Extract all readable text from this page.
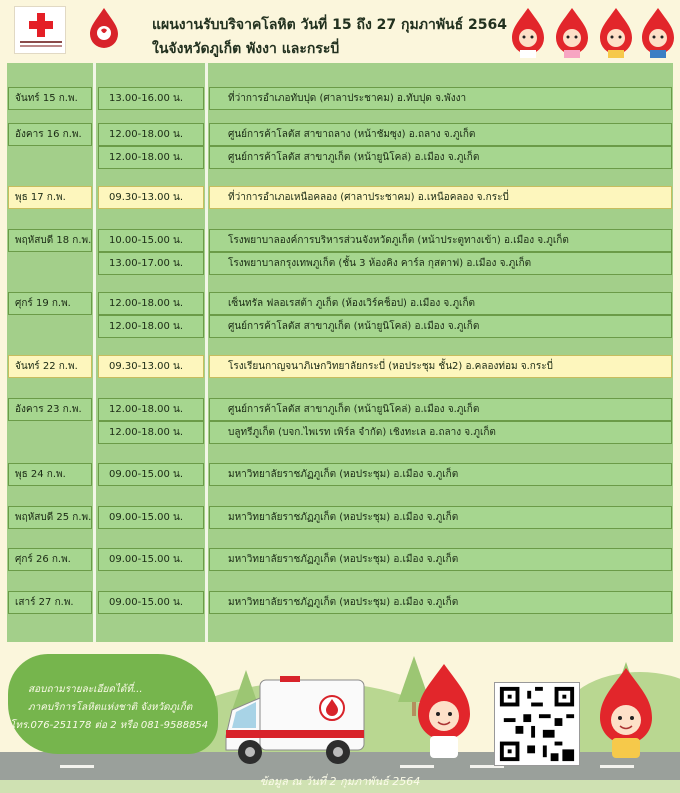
แผนงานรับบริจาคโลหิต วันที่ 15 ถึง 27 กุมภาพันธ์ 2564
ในจังหวัดภูเก็ต พังงา และกระบี่
จันทร์ 15 ก.พ.	13.00-16.00 น.	ที่ว่าการอำเภอทับปุด (ศาลาประชาคม) อ.ทับปุด จ.พังงา
อังคาร 16 ก.พ.	12.00-18.00 น.	ศูนย์การค้าโลตัส สาขาถลาง (หน้าชัมซุง) อ.ถลาง จ.ภูเก็ต
12.00-18.00 น.	ศูนย์การค้าโลตัส สาขาภูเก็ต (หน้ายูนิโคล่) อ.เมือง จ.ภูเก็ต
พุธ 17 ก.พ.	09.30-13.00 น.	ที่ว่าการอำเภอเหนือคลอง (ศาลาประชาคม) อ.เหนือคลอง จ.กระบี่
พฤหัสบดี 18 ก.พ.	10.00-15.00 น.	โรงพยาบาลองค์การบริหารส่วนจังหวัดภูเก็ต (หน้าประตูทางเข้า) อ.เมือง จ.ภูเก็ต
13.00-17.00 น.	โรงพยาบาลกรุงเทพภูเก็ต (ชั้น 3 ห้องคิง คาร์ล กุสตาฟ) อ.เมือง จ.ภูเก็ต
ศุกร์ 19 ก.พ.	12.00-18.00 น.	เซ็นทรัล ฟลอเรสต้า ภูเก็ต (ห้องเวิร์คช็อป) อ.เมือง จ.ภูเก็ต
12.00-18.00 น.	ศูนย์การค้าโลตัส สาขาภูเก็ต (หน้ายูนิโคล่) อ.เมือง จ.ภูเก็ต
จันทร์ 22 ก.พ.	09.30-13.00 น.	โรงเรียนกาญจนาภิเษกวิทยาลัยกระบี่ (หอประชุม ชั้น2) อ.คลองท่อม จ.กระบี่
อังคาร 23 ก.พ.	12.00-18.00 น.	ศูนย์การค้าโลตัส สาขาภูเก็ต (หน้ายูนิโคล่) อ.เมือง จ.ภูเก็ต
12.00-18.00 น.	บลูทรีภูเก็ต (บจก.ไพเรท เพิร์ล จำกัด) เชิงทะเล อ.ถลาง จ.ภูเก็ต
พุธ 24 ก.พ.	09.00-15.00 น.	มหาวิทยาลัยราชภัฏภูเก็ต (หอประชุม) อ.เมือง จ.ภูเก็ต
พฤหัสบดี 25 ก.พ.	09.00-15.00 น.	มหาวิทยาลัยราชภัฏภูเก็ต (หอประชุม) อ.เมือง จ.ภูเก็ต
ศุกร์ 26 ก.พ.	09.00-15.00 น.	มหาวิทยาลัยราชภัฏภูเก็ต (หอประชุม) อ.เมือง จ.ภูเก็ต
เสาร์ 27 ก.พ.	09.00-15.00 น.	มหาวิทยาลัยราชภัฏภูเก็ต (หอประชุม) อ.เมือง จ.ภูเก็ต
สอบถามรายละเอียดได้ที่...
ภาคบริการโลหิตแห่งชาติ จังหวัดภูเก็ต
โทร.076-251178 ต่อ 2 หรือ 081-9588854
ข้อมูล ณ วันที่ 2 กุมภาพันธ์ 2564
